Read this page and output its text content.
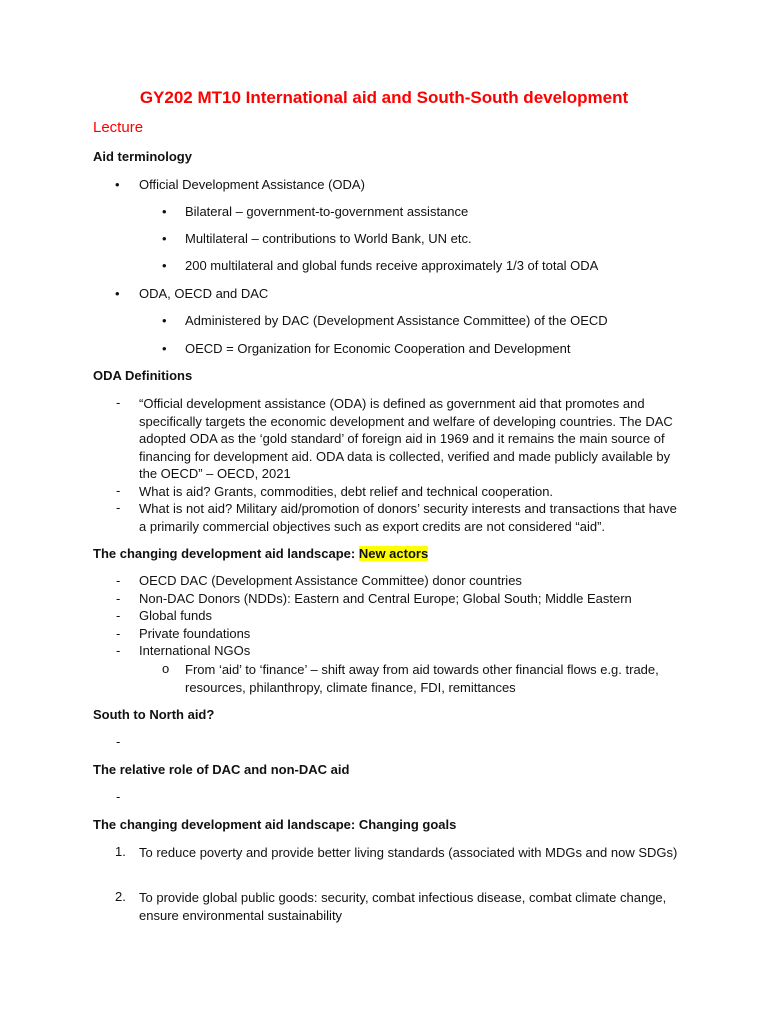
GY202 MT10 International aid and South-South development
Lecture
Aid terminology
• Official Development Assistance (ODA)
• Bilateral – government-to-government assistance
• Multilateral – contributions to World Bank, UN etc.
• 200 multilateral and global funds receive approximately 1/3 of total ODA
• ODA, OECD and DAC
• Administered by DAC (Development Assistance Committee) of the OECD
• OECD = Organization for Economic Cooperation and Development
ODA Definitions
- “Official development assistance (ODA) is defined as government aid that promotes and specifically targets the economic development and welfare of developing countries. The DAC adopted ODA as the ‘gold standard’ of foreign aid in 1969 and it remains the main source of financing for development aid. ODA data is collected, verified and made publicly available by the OECD” – OECD, 2021
- What is aid? Grants, commodities, debt relief and technical cooperation.
- What is not aid? Military aid/promotion of donors’ security interests and transactions that have a primarily commercial objectives such as export credits are not considered “aid”.
The changing development aid landscape: New actors
- OECD DAC (Development Assistance Committee) donor countries
- Non-DAC Donors (NDDs): Eastern and Central Europe; Global South; Middle Eastern
- Global funds
- Private foundations
- International NGOs
o From ‘aid’ to ‘finance’ – shift away from aid towards other financial flows e.g. trade, resources, philanthropy, climate finance, FDI, remittances
South to North aid?
-
The relative role of DAC and non-DAC aid
-
The changing development aid landscape: Changing goals
1. To reduce poverty and provide better living standards (associated with MDGs and now SDGs)
2. To provide global public goods: security, combat infectious disease, combat climate change, ensure environmental sustainability
